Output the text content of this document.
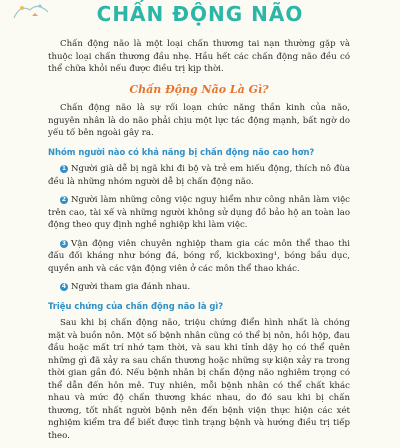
CHẤN ĐỘNG NÃO

Chấn động não là một loại chấn thương tai nạn thường gặp và thuộc loại chấn thương đầu nhẹ. Hầu hết các chấn động não đều có thể chữa khỏi nếu được điều trị kịp thời.

Chấn Động Não Là Gì?

Chấn động não là sự rối loạn chức năng thần kinh của não, nguyên nhân là do não phải chịu một lực tác động mạnh, bất ngờ do yếu tố bên ngoài gây ra.

Nhóm người nào có khả năng bị chấn động não cao hơn?

1 Người già dễ bị ngã khi đi bộ và trẻ em hiếu động, thích nô đùa đều là những nhóm người dễ bị chấn động não.

2 Người làm những công việc nguy hiểm như công nhân làm việc trên cao, tài xế và những người không sử dụng đồ bảo hộ an toàn lao động theo quy định nghề nghiệp khi làm việc.

3 Vận động viên chuyên nghiệp tham gia các môn thể thao thi đấu đối kháng như bóng đá, bóng rổ, kickboxing¹, bóng bầu dục, quyền anh và các vận động viên ở các môn thể thao khác.

4 Người tham gia đánh nhau.

Triệu chứng của chấn động não là gì?

Sau khi bị chấn động não, triệu chứng điển hình nhất là chóng mặt và buồn nôn. Một số bệnh nhân cũng có thể bị nôn, hồi hộp, đau đầu hoặc mất trí nhớ tạm thời, và sau khi tỉnh dậy họ có thể quên những gì đã xảy ra sau chấn thương hoặc những sự kiện xảy ra trong thời gian gần đó. Nếu bệnh nhân bị chấn động não nghiêm trọng có thể dẫn đến hôn mê. Tuy nhiên, mỗi bệnh nhân có thể chất khác nhau và mức độ chấn thương khác nhau, do đó sau khi bị chấn thương, tốt nhất người bệnh nên đến bệnh viện thực hiện các xét nghiệm kiểm tra để biết được tình trạng bệnh và hướng điều trị tiếp theo.
